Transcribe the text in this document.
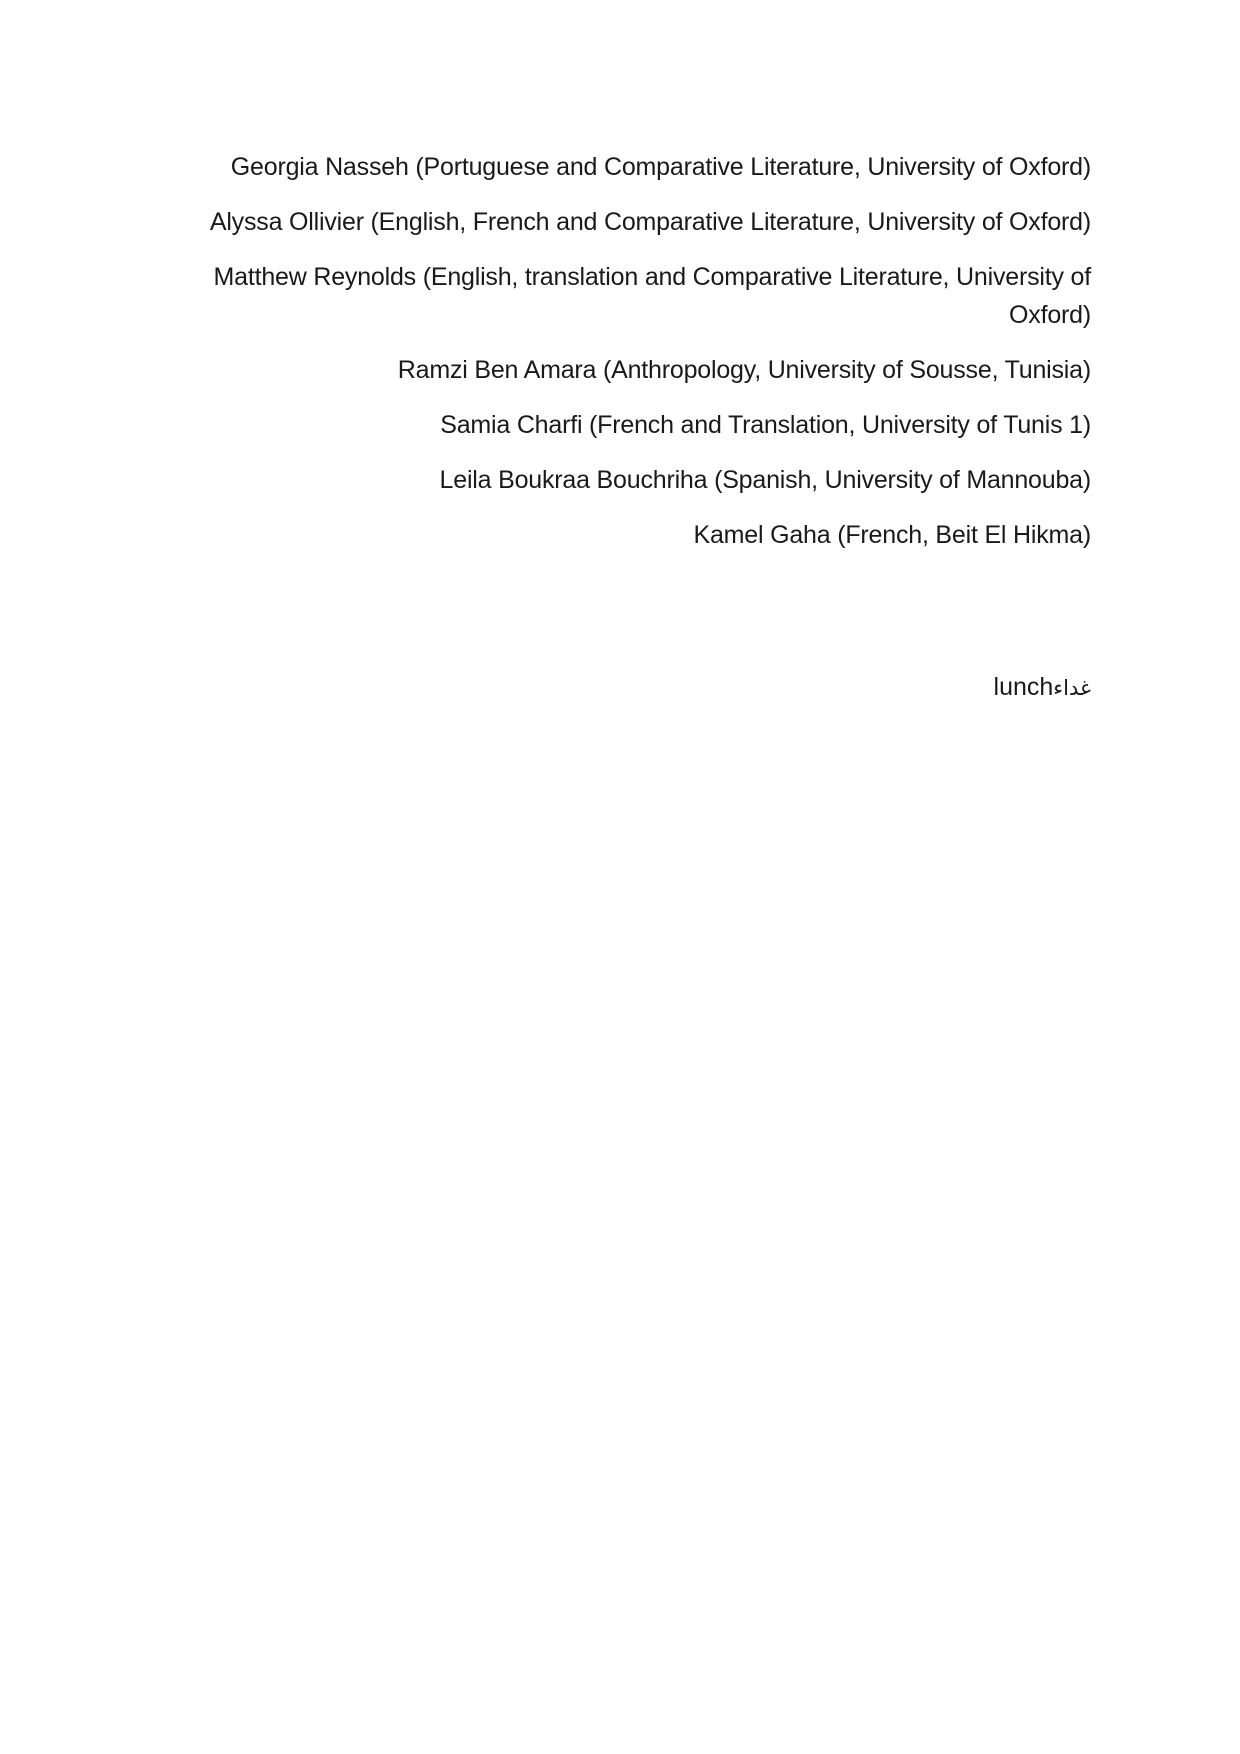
Georgia Nasseh (Portuguese and Comparative Literature, University of Oxford)

Alyssa Ollivier (English, French and Comparative Literature, University of Oxford)

Matthew Reynolds (English, translation and Comparative Literature, University of Oxford)

Ramzi Ben Amara (Anthropology, University of Sousse, Tunisia)

Samia Charfi (French and Translation, University of Tunis 1)

Leila Boukraa Bouchriha (Spanish, University of Mannouba)

Kamel Gaha (French, Beit El Hikma)

lunchغداء
